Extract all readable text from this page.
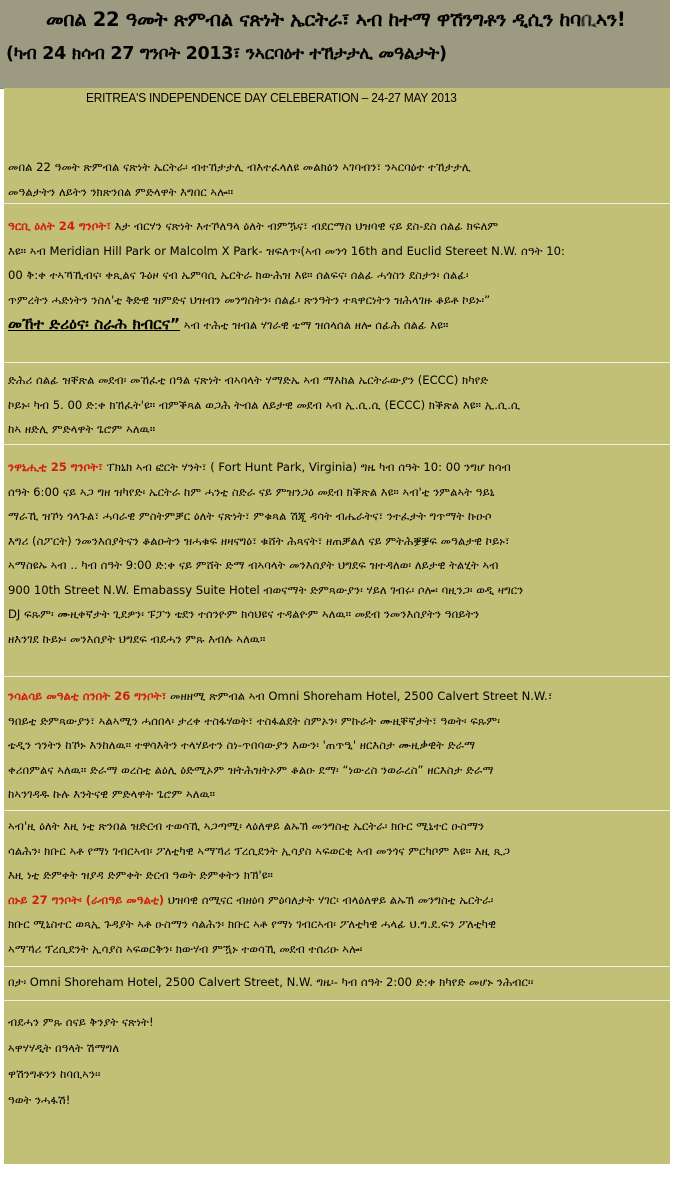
መበል 22 ዓመት ጽምብል ናጽነት ኤርትራ፣ ኣብ ከተማ ዋሽንግቶን ዲሲን ከባቢኣን!
(ካብ 24 ክሳብ 27 ግንቦት 2013፣ ንኣርባዕተ ተኸታታሊ መዓልታት)
ERITREA'S INDEPENDENCE DAY CELEBERATION – 24-27 MAY 2013
መበል 22 ዓመት ጽምብል ናጽነት ኤርትራ፡ ብተኸታታሊ ብእተፈላለዩ መልክዕን ኣገባብን፣ ንኣርባዕተ ተኸታታሊ
መዓልታትን ለይትን ንክጽንበል ምድላዋት እግበር ኣሎ።
ዓርቢ ዕለት 24 ግንቦት፣ እታ ብርሃን ናጽነት እተኾለዓላ ዕለት ብምዄና፣ ብደርማስ ህዝባዊ ናይ ደስ-ደስ ሰልፊ ክፍለም
እዩ። ኣብ Meridian Hill Park or Malcolm X Park- ዝፍለጥ፡(ኣብ መንጎ 16th and Euclid Stereet N.W. ሰዓት 10:
00 ቅ:ቀ ተኣኻኺብና፡ ቀጺልና ጉዕዞ ናብ ኤምባሲ ኤርትራ ክውሕዝ እዩ። ሰልፍና፡ ሰልፊ ሓጎስን ደስታን፡ ሰልፊ፡
ጥምረትን ሓድነትን ንስለ'ቲ ቅድዊ ዝምድና ህዝብን መንግስትን፡ ሰልፊ፡ ጽንዓትን ተጻዋርነትን ዝሕላገዙ ቆይቶ ኮይኑ፡”
መኸተ ድሪዕና፡ ስራሕ ክብርና” ኣብ ተሕቲ ዝብል ሃገራዊ ቴማ ዝሰላሰል ዘሎ ሰፊሕ ሰልፊ እዩ።
ድሕሪ ሰልፊ ዝቐጽል መደብ፡ መኸፈቲ በዓል ናጽነት ብኣባላት ሃማድኤ ኣብ ማእከል ኤርትራውያን (ECCC) ክካየድ
ኮይኑ፡ ካብ 5. 00 ድ:ቀ ክኸፈት'ዩ። ብምቕጻል ወጋሕ ትብል ለይታዊ መደብ ኣብ ኢ.ሲ.ሲ (ECCC) ክቕጽል እዩ። ኢ.ሲ.ሲ
ከኣ ዘድሊ ምድላዋት ጌሮም ኣለዉ።
ንዋኒሒቲ 25 ግንቦት፣ ፐክኒክ ኣብ ፎርት ሃንት፣ ( Fort Hunt Park, Virginia) ግዜ ካብ ሰዓት 10: 00 ንግሆ ክሳብ
ሰዓት 6:00 ናይ ኣጋ ግዘ ዝካየድ፡ ኤርትራ ከም ሓንቲ ስድራ ናይ ምዝንጋዕ መደብ ክቕጽል እዩ። ኣብ'ቲ ንምልኣት ዓይኒ
ማራኺ ዝኾነ ጎላጉል፣ ሓባራዊ ምስትምቓር ዕለት ናጽነት፣ ምቁጻል ሽጂ ዳሳት ብሔራትና፣ ንተፈታት ግጥማት ኩዑሶ
እግሪ (ስፖርት) ንመንእሰያትናን ቆልዑትን ዝሓቁፍ ዘዛናግዕ፣ ቁሸት ሕጻናት፣ ዘጠቓልለ ናይ ምትሕቛቛፍ መዓልታዊ ኮይኑ፣
ኣማስዩኡ ኣብ .. ካብ ሰዓት 9:00 ድ:ቀ ናይ ምሸት ድማ ብኣባላት መንእሰያት ህግደፍ ዝተዳለወ፡ ለይታዊ ትልሂት ኣብ
900 10th Street N.W. Emabassy Suite Hotel ብወናማት ድምጻውያን፡ ሃይለ ገብሩ፡ ሶሎ፡ ባዚንጋ፡ ወዲ ዛግርን
DJ ፍጹም፡ ሙዚቀኛታት ጊደዎን፡ ፑፓን ቴደን ተሰንዮም ክሳህዩና ተዳልዮም ኣለዉ። መደብ ንመንእሰያትን ዓበይትን
ዘእንገደ ኩይኑ፡ መንእሰያት ህግደፍ ብደሓን ምጹ እብሉ ኣለዉ።
ንሳልሳይ መዓልቲ ሰንበት 26 ግንቦት፣ መዘዘሚ ጽምብል ኣብ Omni Shoreham Hotel, 2500 Calvert Street N.W.፣
ዓበይቲ ድምጻውያን፣ ኣልኣሚን ሓሰበላ፡ ታረቀ ተስፋሃወት፣ ተስፋልደት ስምኦን፡ ምኩራት ሙዚቐኛታት፣ ዓወት፡ ፍጹም፡
ቴዲን ኀንትን ከኾኑ እንከለዉ። ተዋሳእትን ተላሃይተን ስነ-ጥበባውያን እውን፡ 'ጠጥዒ' ዘርእስታ ሙዚቃዊት ድራማ
ቀሪበምልና ኣለዉ። ድራማ ወረስቲ ልዕሊ ዕድሚኦም ዝትሕዝትኦም ቆልዑ ደማ፡ “ነውረስ ንወራረስ” ዘርእስታ ድራማ
ከኣንገዳዱ ኩሉ እንትናዊ ምድላዋት ጌሮም ኣለዉ።
ኣብ'ዚ ዕለት እዚ ነቲ ጽንበል ዝድርብ ተወሳኺ ኣጋጣሚ፡ ላዕለዋይ ልኡኽ መንግስቲ ኤርትራ፡ ክቡር ሚኒተር ዑስማን
ሳልሕን፡ ክቡር ኣቶ የማነ ገብርኣብ፡ ፖለቲካዊ ኣማኻሪ ፕረሲደንት ኢሳያስ ኣፍወርቂ ኣብ መንጎና ምርካቦም እዩ። እዚ ጺጋ
እዚ ነቲ ድምቀት ዝያዳ ድምቀት ድርብ ዓወት ድምቀትን ክኽ'ዩ።
ሰኑይ 27 ግንቦት፡ (ራብዓይ መዓልቲ) ህዝባዊ ሰሚናር ብዘዕባ ምዕባለታት ሃገር፡ ብላዕለዋይ ልኡኽ መንግስቲ ኤርትራ፡
ክቡር ሚኒስተር ወጻኢ ጉዳያት ኣቶ ዑስማን ሳልሕን፡ ክቡር ኣቶ የማነ ገብርኣብ፡ ፖለቲካዊ ሓላፊ ህ.ግ.ደ.ፍን ፖለቲካዊ
ኣማኻሪ ፕረሲደንት ኢሳያስ ኣፍወርቅን፡ ክውሃብ ምዃኑ ተወሳኺ መደብ ተሰሪዑ ኣሎ፡
በታ፡ Omni Shoreham Hotel, 2500 Calvert Street, N.W. ግዜ፡- ካብ ሰዓት 2:00 ድ:ቀ ክካየድ መሆኑ ንሕብር፡፡
ብደሓን ምጹ ሰናይ ቅንያት ናጽነት!
ኣዋሃሃዲት በዓላት ሽማግለ
ዋሽንግቶንን ከባቢኣን፡፡
ዓወት ንሓፋሽ!
